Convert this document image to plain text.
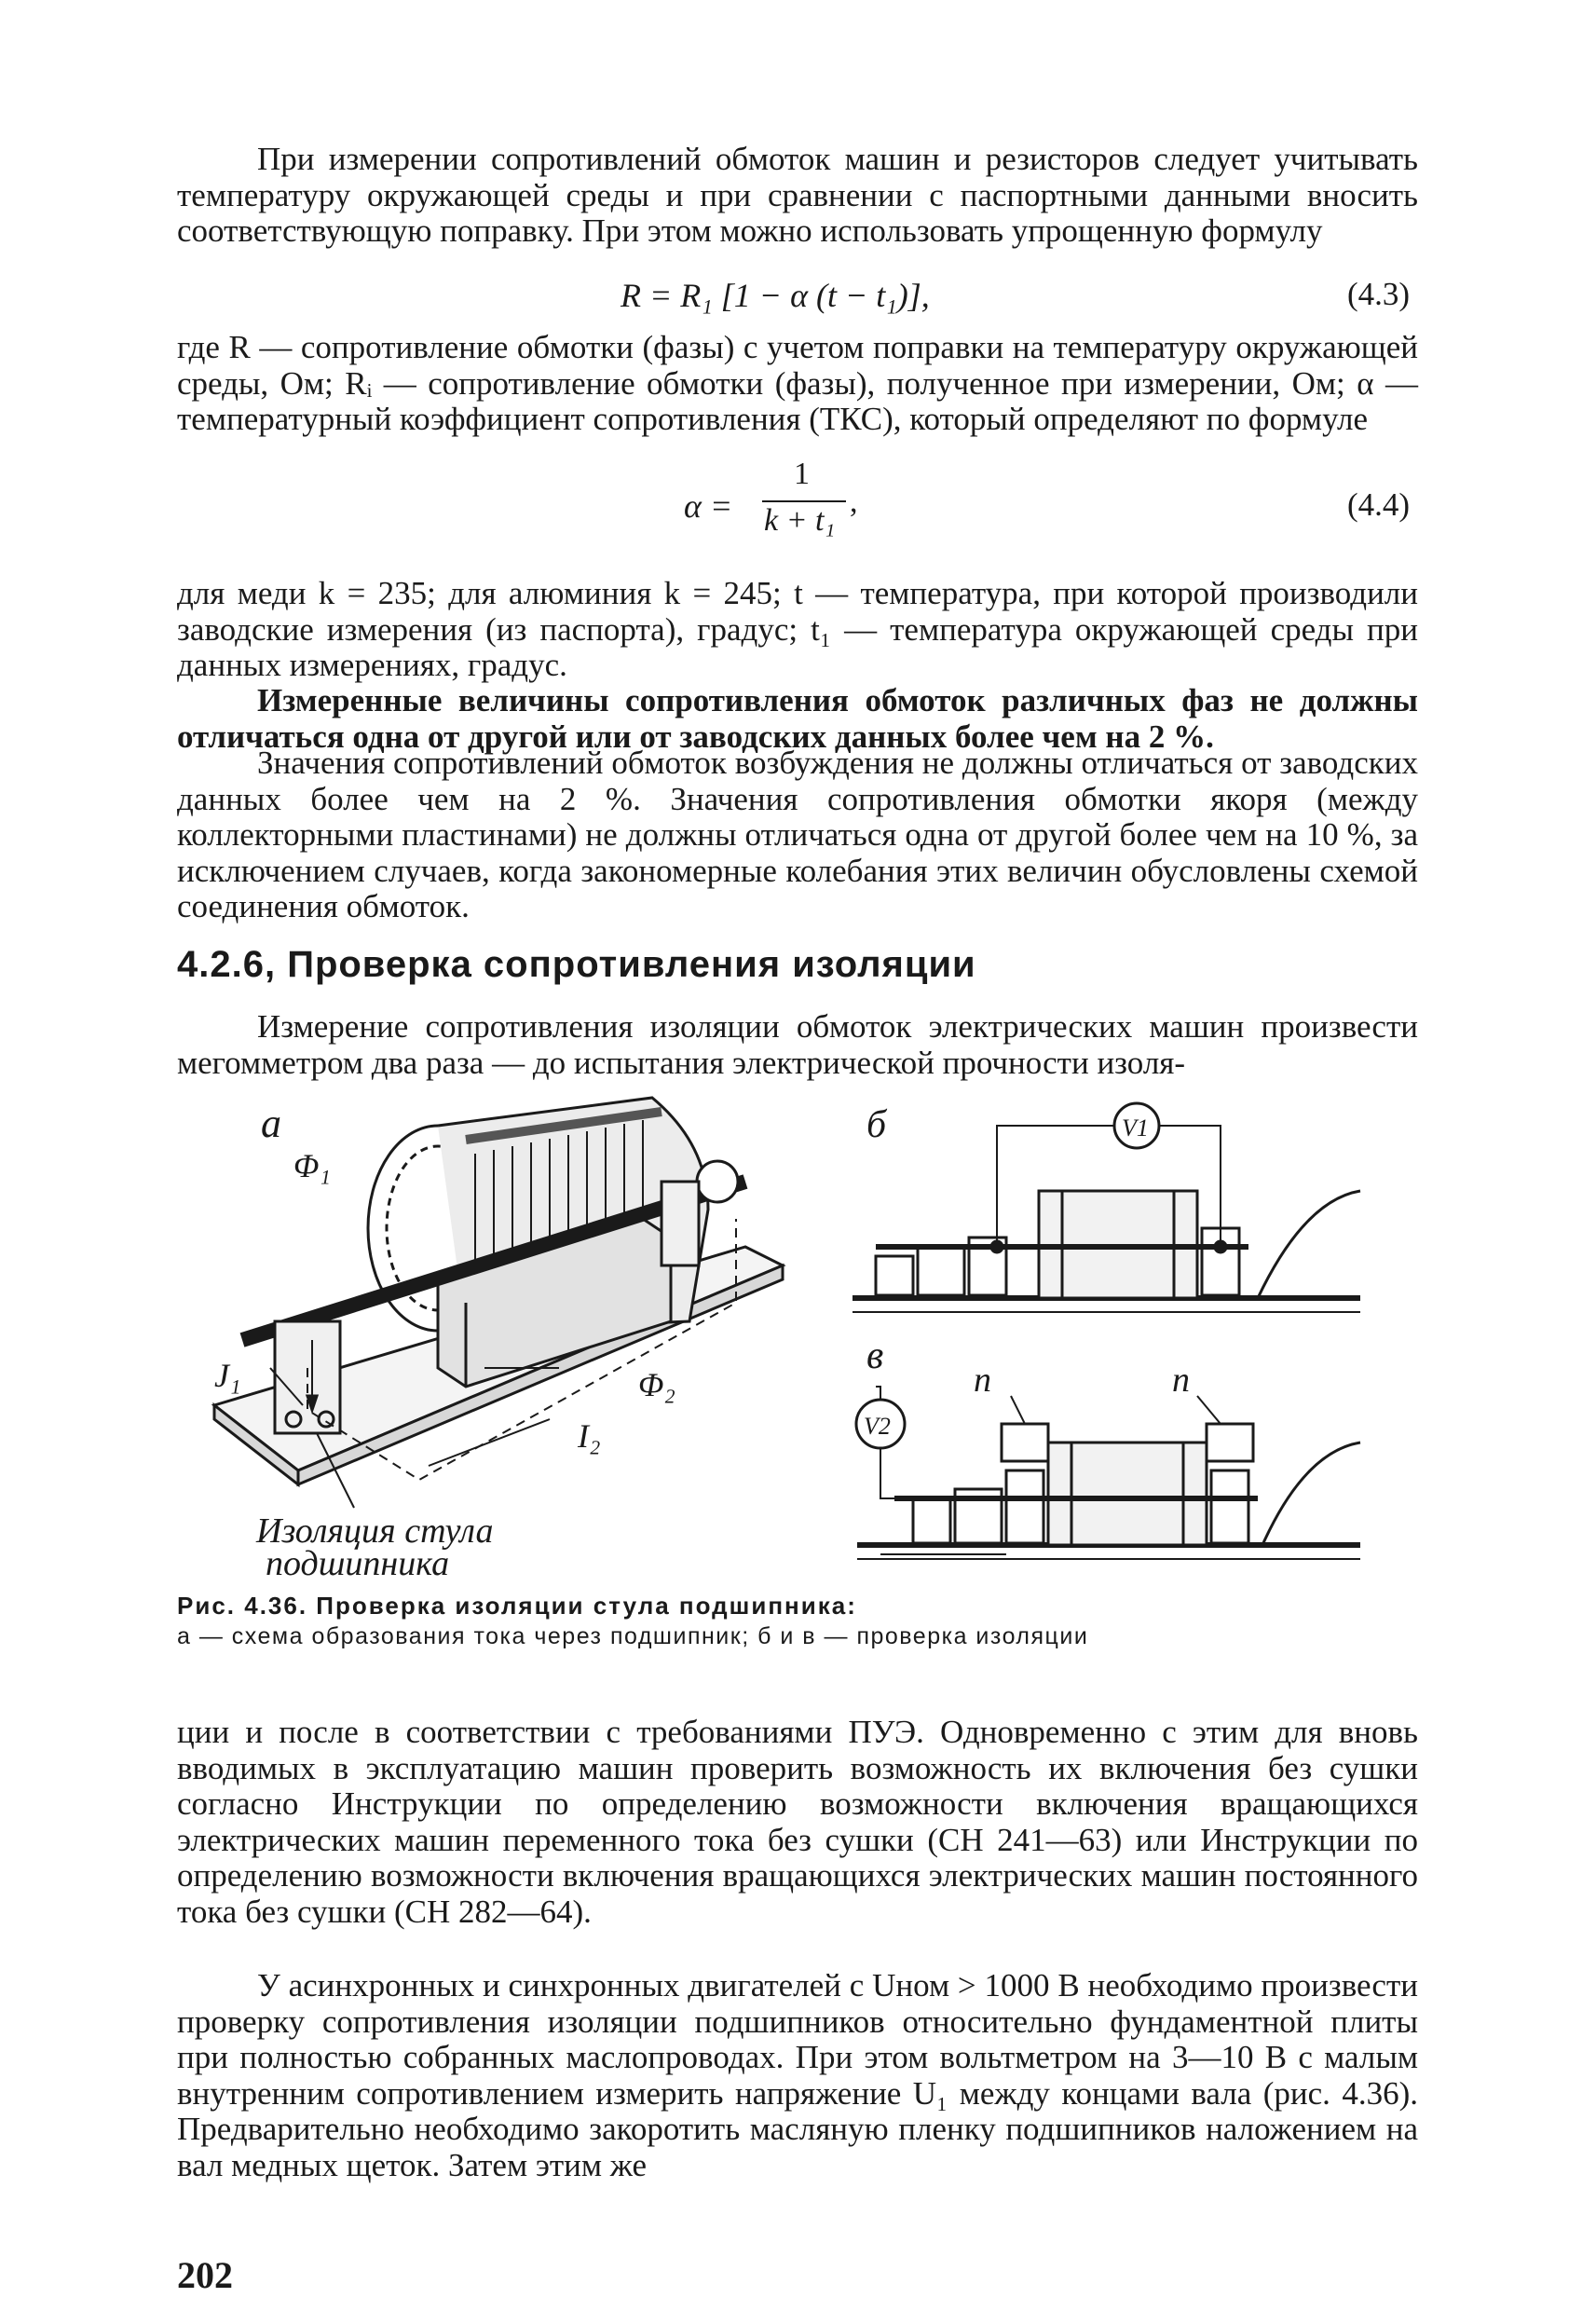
При измерении сопротивлений обмоток машин и резисторов следует учитывать температуру окружающей среды и при сравнении с паспортными данными вносить соответствующую поправку. При этом можно использовать упрощенную формулу

R = R₁ [1 − α (t − t₁)],	(4.3)

где R — сопротивление обмотки (фазы) с учетом поправки на температуру окружающей среды, Ом; Rᵢ — сопротивление обмотки (фазы), полученное при измерении, Ом; α — температурный коэффициент сопротивления (ТКС), который определяют по формуле

α =
1
k + t₁
,	(4.4)

для меди k = 235; для алюминия k = 245; t — температура, при которой производили заводские измерения (из паспорта), градус; t₁ — температура окружающей среды при данных измерениях, градус.

Измеренные величины сопротивления обмоток различных фаз не должны отличаться одна от другой или от заводских данных более чем на 2 %.

Значения сопротивлений обмоток возбуждения не должны отличаться от заводских данных более чем на 2 %. Значения сопротивления обмотки якоря (между коллекторными пластинами) не должны отличаться одна от другой более чем на 10 %, за исключением случаев, когда закономерные колебания этих величин обусловлены схемой соединения обмоток.

4.2.6, Проверка сопротивления изоляции

Измерение сопротивления изоляции обмоток электрических машин произвести мегомметром два раза — до испытания электрической прочности изоля-

а
Φ₁
Φ₂
J₁
I₂
Изоляция стула
подшипника
б	V1
в
V2
п	п
Рис. 4.36. Проверка изоляции стула подшипника:
а — схема образования тока через подшипник; б и в — проверка изоляции

ции и после в соответствии с требованиями ПУЭ. Одновременно с этим для вновь вводимых в эксплуатацию машин проверить возможность их включения без сушки согласно Инструкции по определению возможности включения вращающихся электрических машин переменного тока без сушки (СН 241—63) или Инструкции по определению возможности включения вращающихся электрических машин постоянного тока без сушки (СН 282—64).

У асинхронных и синхронных двигателей с Uном > 1000 В необходимо произвести проверку сопротивления изоляции подшипников относительно фундаментной плиты при полностью собранных маслопроводах. При этом вольтметром на 3—10 В с малым внутренним сопротивлением измерить напряжение U₁ между концами вала (рис. 4.36). Предварительно необходимо закоротить масляную пленку подшипников наложением на вал медных щеток. Затем этим же

202
